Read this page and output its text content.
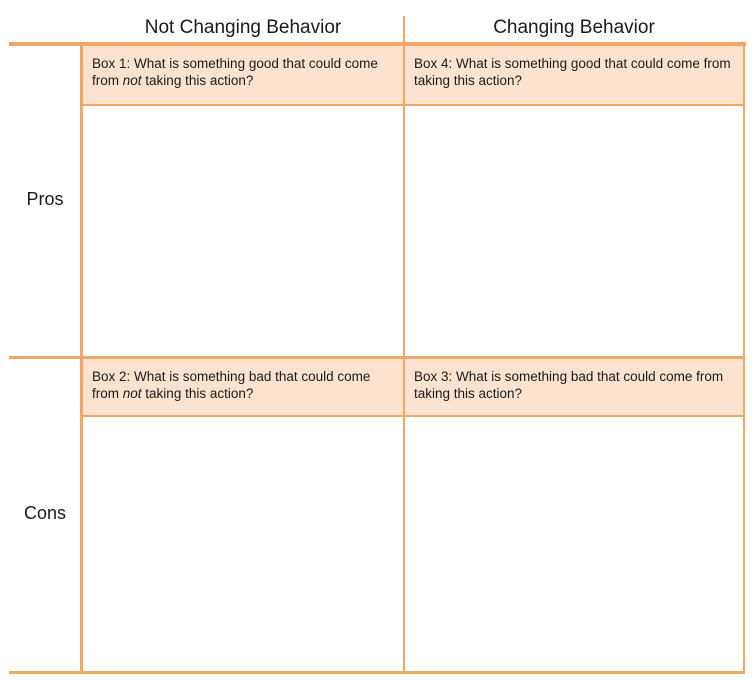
Not Changing Behavior	Changing Behavior
Pros
Cons
Box 1: What is something good that could come from not taking this action?
Box 4: What is something good that could come from taking this action?
Box 2: What is something bad that could come from not taking this action?
Box 3: What is something bad that could come from taking this action?
